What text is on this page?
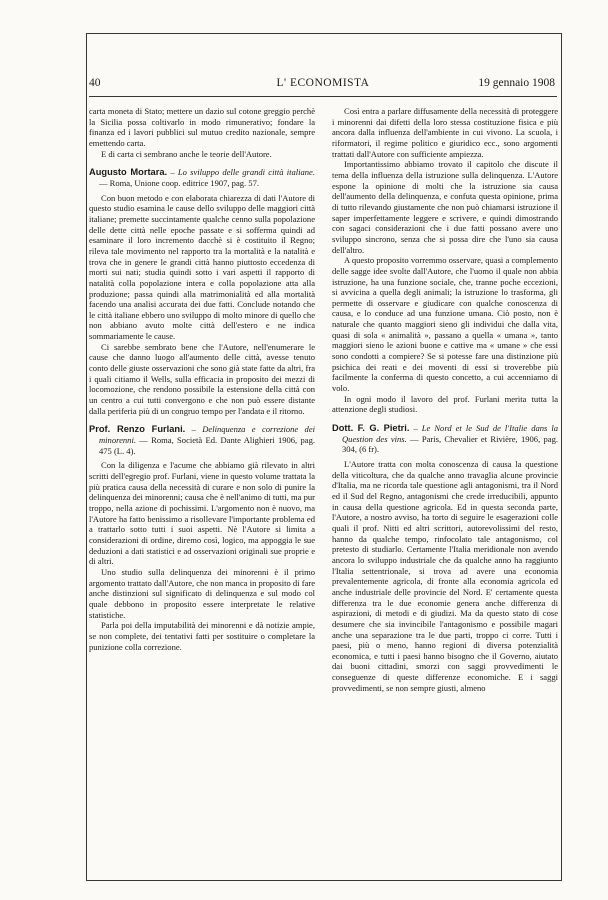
40	L' ECONOMISTA	19 gennaio 1908

carta moneta di Stato; mettere un dazio sul cotone greggio perchè la Sicilia possa coltivarlo in modo rimunerativo; fondare la finanza ed i lavori pubblici sul mutuo credito nazionale, sempre emettendo carta.

E di carta ci sembrano anche le teorie dell'Autore.

Augusto Mortara. – Lo sviluppo delle grandi città italiane. — Roma, Unione coop. editrice 1907, pag. 57.

Con buon metodo e con elaborata chiarezza di dati l'Autore di questo studio esamina le cause dello sviluppo delle maggiori città italiane; premette succintamente qualche cenno sulla popolazione delle dette città nelle epoche passate e si sofferma quindi ad esaminare il loro incremento dacchè si è costituito il Regno; rileva tale movimento nel rapporto tra la mortalità e la natalità e trova che in genere le grandi città hanno piuttosto eccedenza di morti sui nati; studia quindi sotto i vari aspetti il rapporto di natalità colla popolazione intera e colla popolazione atta alla produzione; passa quindi alla matrimonialità ed alla mortalità facendo una analisi accurata dei due fatti. Conclude notando che le città italiane ebbero uno sviluppo di molto minore di quello che non abbiano avuto molte città dell'estero e ne indica sommariamente le cause.

Ci sarebbe sembrato bene che l'Autore, nell'enumerare le cause che danno luogo all'aumento delle città, avesse tenuto conto delle giuste osservazioni che sono già state fatte da altri, fra i quali citiamo il Wells, sulla efficacia in proposito dei mezzi di locomozione, che rendono possibile la estensione della città con un centro a cui tutti convergono e che non può essere distante dalla periferia più di un congruo tempo per l'andata e il ritorno.

Prof. Renzo Furlani. – Delinquenza e correzione dei minorenni. — Roma, Società Ed. Dante Alighieri 1906, pag. 475 (L. 4).

Con la diligenza e l'acume che abbiamo già rilevato in altri scritti dell'egregio prof. Furlani, viene in questo volume trattata la più pratica causa della necessità di curare e non solo di punire la delinquenza dei minorenni; causa che è nell'animo di tutti, ma pur troppo, nella azione di pochissimi. L'argomento non è nuovo, ma l'Autore ha fatto benissimo a risollevare l'importante problema ed a trattarlo sotto tutti i suoi aspetti. Nè l'Autore si limita a considerazioni di ordine, diremo così, logico, ma appoggia le sue deduzioni a dati statistici e ad osservazioni originali sue proprie e di altri.

Uno studio sulla delinquenza dei minorenni è il primo argomento trattato dall'Autore, che non manca in proposito di fare anche distinzioni sul significato di delinquenza e sul modo col quale debbono in proposito essere interpretate le relative statistiche.

Parla poi della imputabilità dei minorenni e dà notizie ampie, se non complete, dei tentativi fatti per sostituire o completare la punizione colla correzione.

Così entra a parlare diffusamente della necessità di proteggere i minorenni dai difetti della loro stessa costituzione fisica e più ancora dalla influenza dell'ambiente in cui vivono. La scuola, i riformatori, il regime politico e giuridico ecc., sono argomenti trattati dall'Autore con sufficiente ampiezza.

Importantissimo abbiamo trovato il capitolo che discute il tema della influenza della istruzione sulla delinquenza. L'Autore espone la opinione di molti che la istruzione sia causa dell'aumento della delinquenza, e confuta questa opinione, prima di tutto rilevando giustamente che non può chiamarsi istruzione il saper imperfettamente leggere e scrivere, e quindi dimostrando con sagaci considerazioni che i due fatti possano avere uno sviluppo sincrono, senza che si possa dire che l'uno sia causa dell'altro.

A questo proposito vorremmo osservare, quasi a complemento delle sagge idee svolte dall'Autore, che l'uomo il quale non abbia istruzione, ha una funzione sociale, che, tranne poche eccezioni, si avvicina a quella degli animali; la istruzione lo trasforma, gli permette di osservare e giudicare con qualche conoscenza di causa, e lo conduce ad una funzione umana. Ciò posto, non è naturale che quanto maggiori sieno gli individui che dalla vita, quasi di sola « animalità », passano a quella « umana », tanto maggiori sieno le azioni buone e cattive ma « umane » che essi sono condotti a compiere? Se si potesse fare una distinzione più psichica dei reati e dei moventi di essi si troverebbe più facilmente la conferma di questo concetto, a cui accenniamo di volo.

In ogni modo il lavoro del prof. Furlani merita tutta la attenzione degli studiosi.

Dott. F. G. Pietri. – Le Nord et le Sud de l'Italie dans la Question des vins. — Paris, Chevalier et Rivière, 1906, pag. 304, (6 fr).

L'Autore tratta con molta conoscenza di causa la questione della viticoltura, che da qualche anno travaglia alcune provincie d'Italia, ma ne ricorda tale questione agli antagonismi, tra il Nord ed il Sud del Regno, antagonismi che crede irreducibili, appunto in causa della questione agricola. Ed in questa seconda parte, l'Autore, a nostro avviso, ha torto di seguire le esagerazioni colle quali il prof. Nitti ed altri scrittori, autorevolissimi del resto, hanno da qualche tempo, rinfocolato tale antagonismo, col pretesto di studiarlo. Certamente l'Italia meridionale non avendo ancora lo sviluppo industriale che da qualche anno ha raggiunto l'Italia settentrionale, si trova ad avere una economia prevalentemente agricola, di fronte alla economia agricola ed anche industriale delle provincie del Nord. E' certamente questa differenza tra le due economie genera anche differenza di aspirazioni, di metodi e di giudizi. Ma da questo stato di cose desumere che sia invincibile l'antagonismo e possibile magari anche una separazione tra le due parti, troppo ci corre. Tutti i paesi, più o meno, hanno regioni di diversa potenzialità economica, e tutti i paesi hanno bisogno che il Governo, aiutato dai buoni cittadini, smorzi con saggi provvedimenti le conseguenze di queste differenze economiche. E i saggi provvedimenti, se non sempre giusti, almeno
